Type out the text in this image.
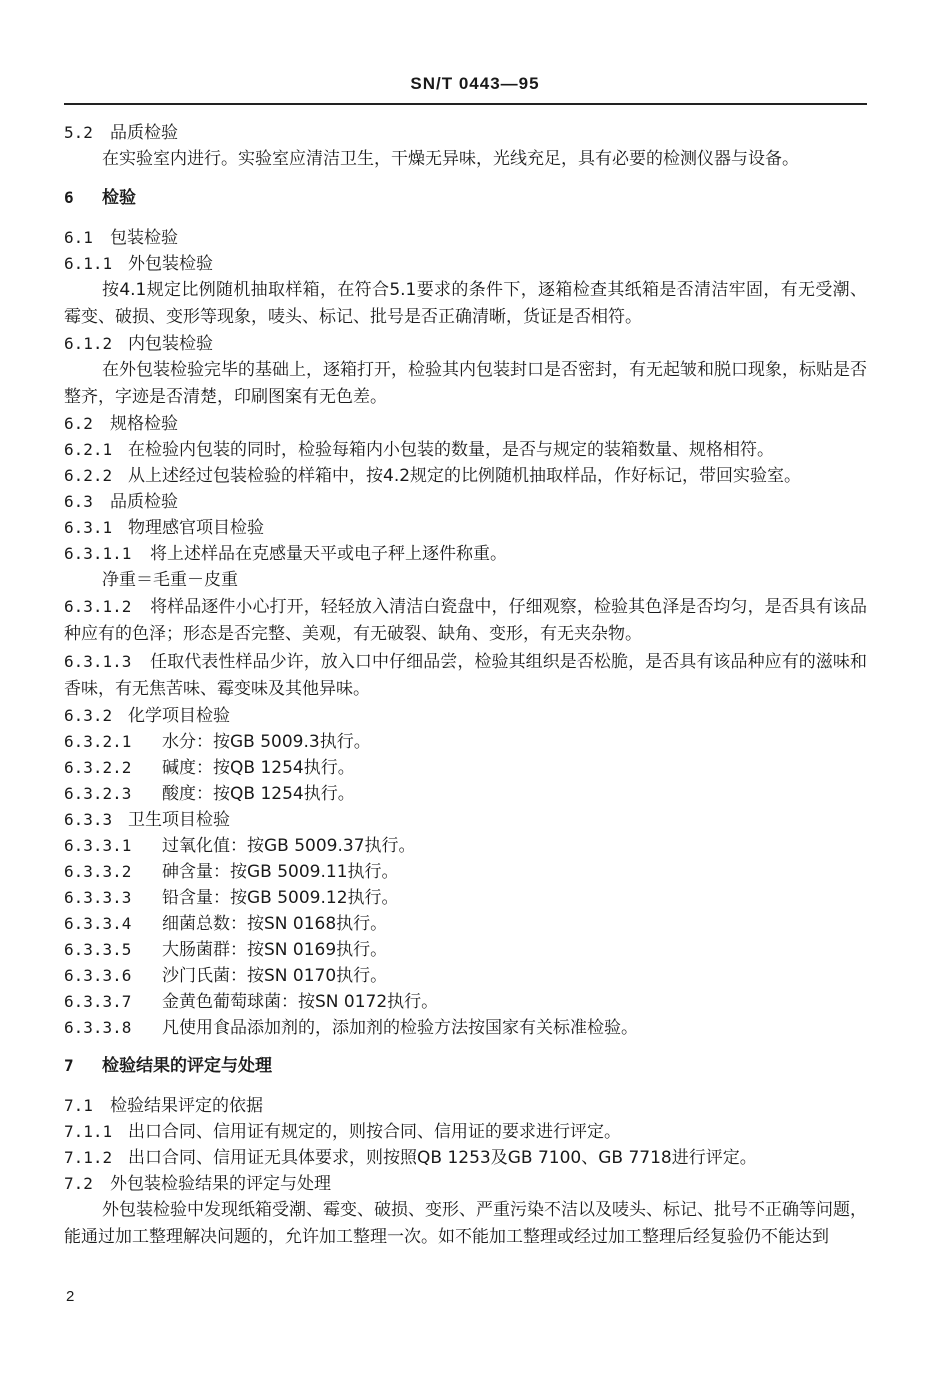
SN/T 0443—95
5.2 品质检验

在实验室内进行。实验室应清洁卫生，干燥无异味，光线充足，具有必要的检测仪器与设备。

6 检验
6.1 包装检验
6.1.1 外包装检验

按4.1规定比例随机抽取样箱，在符合5.1要求的条件下，逐箱检查其纸箱是否清洁牢固，有无受潮、霉变、破损、变形等现象，唛头、标记、批号是否正确清晰，货证是否相符。

6.1.2 内包装检验

在外包装检验完毕的基础上，逐箱打开，检验其内包装封口是否密封，有无起皱和脱口现象，标贴是否整齐，字迹是否清楚，印刷图案有无色差。

6.2 规格检验
6.2.1 在检验内包装的同时，检验每箱内小包装的数量，是否与规定的装箱数量、规格相符。
6.2.2 从上述经过包装检验的样箱中，按4.2规定的比例随机抽取样品，作好标记，带回实验室。
6.3 品质检验
6.3.1 物理感官项目检验
6.3.1.1 将上述样品在克感量天平或电子秤上逐件称重。
净重＝毛重－皮重

6.3.1.2 将样品逐件小心打开，轻轻放入清洁白瓷盘中，仔细观察，检验其色泽是否均匀，是否具有该品种应有的色泽；形态是否完整、美观，有无破裂、缺角、变形，有无夹杂物。

6.3.1.3 任取代表性样品少许，放入口中仔细品尝，检验其组织是否松脆，是否具有该品种应有的滋味和香味，有无焦苦味、霉变味及其他异味。

6.3.2 化学项目检验
6.3.2.1 水分：按GB 5009.3执行。
6.3.2.2 碱度：按QB 1254执行。
6.3.2.3 酸度：按QB 1254执行。
6.3.3 卫生项目检验
6.3.3.1 过氧化值：按GB 5009.37执行。
6.3.3.2 砷含量：按GB 5009.11执行。
6.3.3.3 铅含量：按GB 5009.12执行。
6.3.3.4 细菌总数：按SN 0168执行。
6.3.3.5 大肠菌群：按SN 0169执行。
6.3.3.6 沙门氏菌：按SN 0170执行。
6.3.3.7 金黄色葡萄球菌：按SN 0172执行。
6.3.3.8 凡使用食品添加剂的，添加剂的检验方法按国家有关标准检验。
7 检验结果的评定与处理
7.1 检验结果评定的依据
7.1.1 出口合同、信用证有规定的，则按合同、信用证的要求进行评定。
7.1.2 出口合同、信用证无具体要求，则按照QB 1253及GB 7100、GB 7718进行评定。
7.2 外包装检验结果的评定与处理

外包装检验中发现纸箱受潮、霉变、破损、变形、严重污染不洁以及唛头、标记、批号不正确等问题，能通过加工整理解决问题的，允许加工整理一次。如不能加工整理或经过加工整理后经复验仍不能达到

2
